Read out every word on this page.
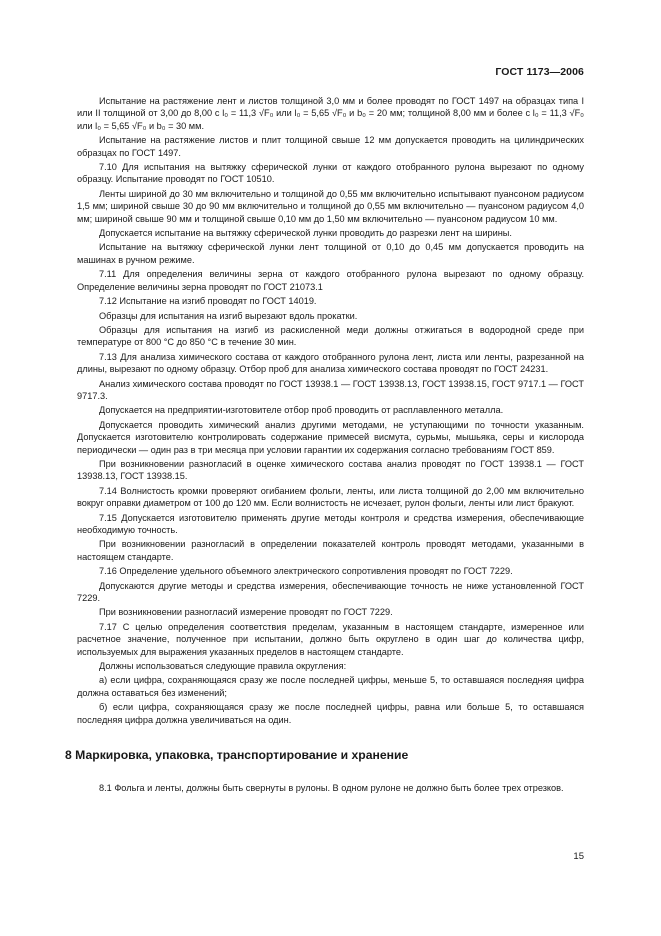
ГОСТ 1173—2006

Испытание на растяжение лент и листов толщиной 3,0 мм и более проводят по ГОСТ 1497 на образцах типа I или II толщиной от 3,00 до 8,00 с l₀ = 11,3 √F₀ или l₀ = 5,65 √F₀ и b₀ = 20 мм; толщиной 8,00 мм и более с l₀ = 11,3 √F₀ или l₀ = 5,65 √F₀ и b₀ = 30 мм.

Испытание на растяжение листов и плит толщиной свыше 12 мм допускается проводить на цилиндрических образцах по ГОСТ 1497.

7.10 Для испытания на вытяжку сферической лунки от каждого отобранного рулона вырезают по одному образцу. Испытание проводят по ГОСТ 10510.

Ленты шириной до 30 мм включительно и толщиной до 0,55 мм включительно испытывают пуансоном радиусом 1,5 мм; шириной свыше 30 до 90 мм включительно и толщиной до 0,55 мм включительно — пуансоном радиусом 4,0 мм; шириной свыше 90 мм и толщиной свыше 0,10 мм до 1,50 мм включительно — пуансоном радиусом 10 мм.

Допускается испытание на вытяжку сферической лунки проводить до разрезки лент на ширины.

Испытание на вытяжку сферической лунки лент толщиной от 0,10 до 0,45 мм допускается проводить на машинах в ручном режиме.

7.11 Для определения величины зерна от каждого отобранного рулона вырезают по одному образцу. Определение величины зерна проводят по ГОСТ 21073.1

7.12 Испытание на изгиб проводят по ГОСТ 14019.

Образцы для испытания на изгиб вырезают вдоль прокатки.

Образцы для испытания на изгиб из раскисленной меди должны отжигаться в водородной среде при температуре от 800 °С до 850 °С в течение 30 мин.

7.13 Для анализа химического состава от каждого отобранного рулона лент, листа или ленты, разрезанной на длины, вырезают по одному образцу. Отбор проб для анализа химического состава проводят по ГОСТ 24231.

Анализ химического состава проводят по ГОСТ 13938.1 — ГОСТ 13938.13, ГОСТ 13938.15, ГОСТ 9717.1 — ГОСТ 9717.3.

Допускается на предприятии-изготовителе отбор проб проводить от расплавленного металла.

Допускается проводить химический анализ другими методами, не уступающими по точности указанным. Допускается изготовителю контролировать содержание примесей висмута, сурьмы, мышьяка, серы и кислорода периодически — один раз в три месяца при условии гарантии их содержания согласно требованиям ГОСТ 859.

При возникновении разногласий в оценке химического состава анализ проводят по ГОСТ 13938.1 — ГОСТ 13938.13, ГОСТ 13938.15.

7.14 Волнистость кромки проверяют огибанием фольги, ленты, или листа толщиной до 2,00 мм включительно вокруг оправки диаметром от 100 до 120 мм. Если волнистость не исчезает, рулон фольги, ленты или лист бракуют.

7.15 Допускается изготовителю применять другие методы контроля и средства измерения, обеспечивающие необходимую точность.

При возникновении разногласий в определении показателей контроль проводят методами, указанными в настоящем стандарте.

7.16 Определение удельного объемного электрического сопротивления проводят по ГОСТ 7229.

Допускаются другие методы и средства измерения, обеспечивающие точность не ниже установленной ГОСТ 7229.

При возникновении разногласий измерение проводят по ГОСТ 7229.

7.17 С целью определения соответствия пределам, указанным в настоящем стандарте, измеренное или расчетное значение, полученное при испытании, должно быть округлено в один шаг до количества цифр, используемых для выражения указанных пределов в настоящем стандарте.

Должны использоваться следующие правила округления:

а) если цифра, сохраняющаяся сразу же после последней цифры, меньше 5, то оставшаяся последняя цифра должна оставаться без изменений;

б) если цифра, сохраняющаяся сразу же после последней цифры, равна или больше 5, то оставшаяся последняя цифра должна увеличиваться на один.

8 Маркировка, упаковка, транспортирование и хранение

8.1 Фольга и ленты, должны быть свернуты в рулоны. В одном рулоне не должно быть более трех отрезков.

15
